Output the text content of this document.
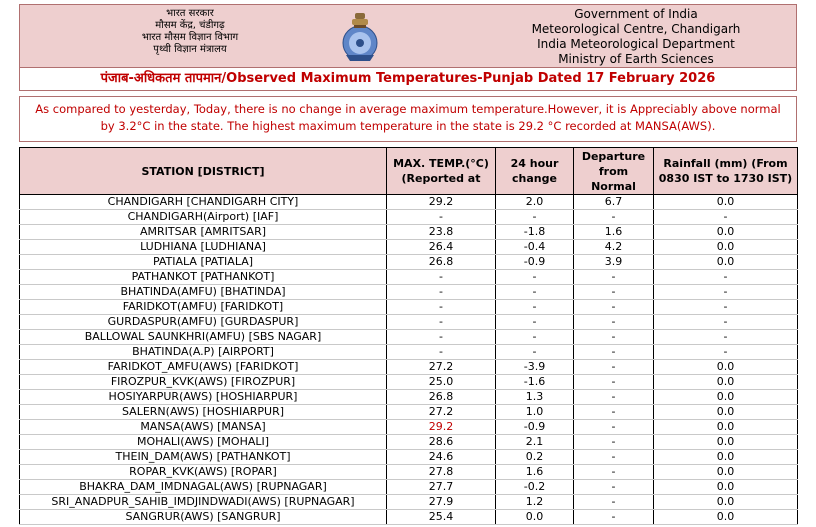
भारत सरकार
मौसम केंद्र, चंडीगढ़
भारत मौसम विज्ञान विभाग
पृथ्वी विज्ञान मंत्रालय
Government of India
Meteorological Centre, Chandigarh
India Meteorological Department
Ministry of Earth Sciences
पंजाब-अधिकतम तापमान/Observed Maximum Temperatures-Punjab Dated 17 February 2026
As compared to yesterday, Today, there is no change in average maximum temperature.However, it is Appreciably above normal by 3.2°C in the state. The highest maximum temperature in the state is 29.2 °C recorded at MANSA(AWS).
STATION [DISTRICT]	MAX. TEMP.(°C) (Reported at	24 hour change	Departure from Normal	Rainfall (mm) (From 0830 IST to 1730 IST)
CHANDIGARH [CHANDIGARH CITY]	29.2	2.0	6.7	0.0
CHANDIGARH(Airport) [IAF]	-	-	-	-
AMRITSAR [AMRITSAR]	23.8	-1.8	1.6	0.0
LUDHIANA [LUDHIANA]	26.4	-0.4	4.2	0.0
PATIALA [PATIALA]	26.8	-0.9	3.9	0.0
PATHANKOT [PATHANKOT]	-	-	-	-
BHATINDA(AMFU) [BHATINDA]	-	-	-	-
FARIDKOT(AMFU) [FARIDKOT]	-	-	-	-
GURDASPUR(AMFU) [GURDASPUR]	-	-	-	-
BALLOWAL SAUNKHRI(AMFU) [SBS NAGAR]	-	-	-	-
BHATINDA(A.P) [AIRPORT]	-	-	-	-
FARIDKOT_AMFU(AWS) [FARIDKOT]	27.2	-3.9	-	0.0
FIROZPUR_KVK(AWS) [FIROZPUR]	25.0	-1.6	-	0.0
HOSIYARPUR(AWS) [HOSHIARPUR]	26.8	1.3	-	0.0
SALERN(AWS) [HOSHIARPUR]	27.2	1.0	-	0.0
MANSA(AWS) [MANSA]	29.2	-0.9	-	0.0
MOHALI(AWS) [MOHALI]	28.6	2.1	-	0.0
THEIN_DAM(AWS) [PATHANKOT]	24.6	0.2	-	0.0
ROPAR_KVK(AWS) [ROPAR]	27.8	1.6	-	0.0
BHAKRA_DAM_IMDNAGAL(AWS) [RUPNAGAR]	27.7	-0.2	-	0.0
SRI_ANADPUR_SAHIB_IMDJINDWADI(AWS) [RUPNAGAR]	27.9	1.2	-	0.0
SANGRUR(AWS) [SANGRUR]	25.4	0.0	-	0.0
